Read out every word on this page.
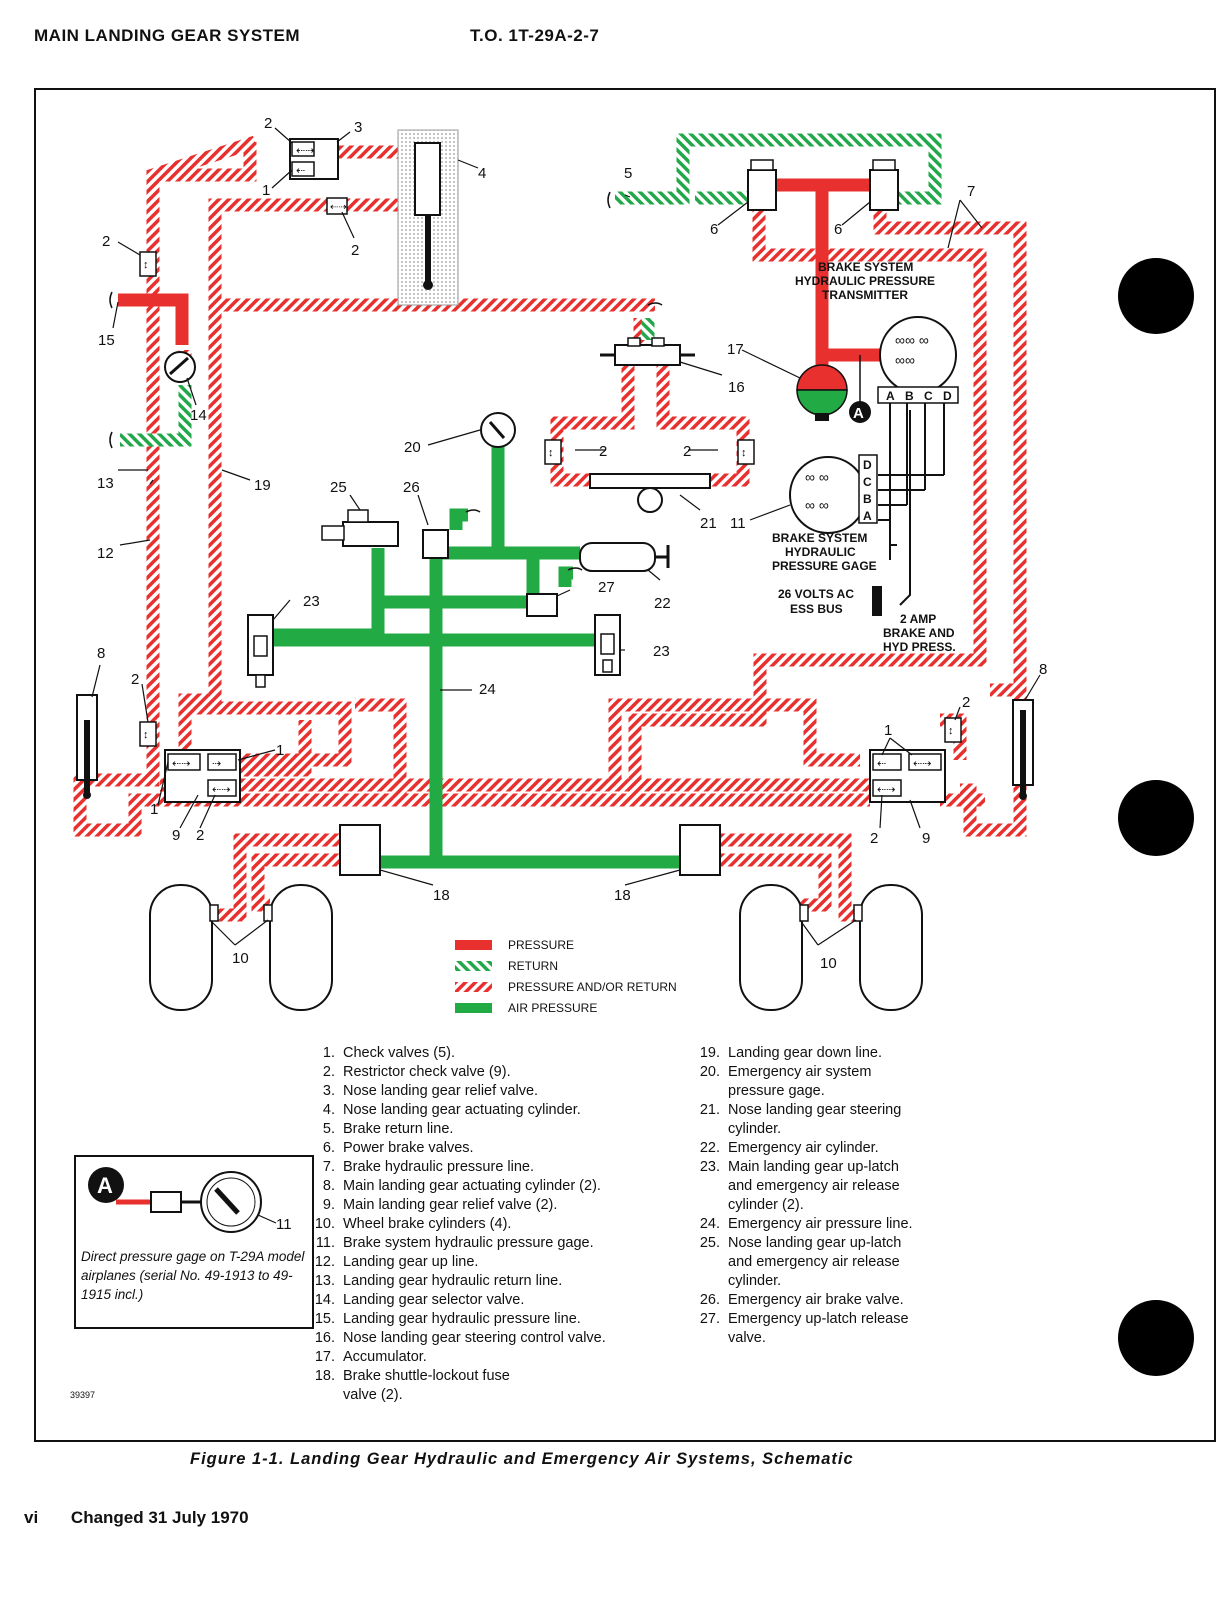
MAIN LANDING GEAR SYSTEM	T.O. 1T-29A-2-7
⇠⇢
⇠
⇠⇢
↕
↕	↕
A
∞∞ ∞
∞∞
A B C D
BRAKE SYSTEM
HYDRAULIC PRESSURE
TRANSMITTER
∞ ∞
∞ ∞
D
C
B
A
BRAKE SYSTEM
HYDRAULIC
PRESSURE GAGE
26 VOLTS AC
ESS BUS
2 AMP
BRAKE AND
HYD PRESS.
⇠⇢ ⇢
⇠⇢
↕
⇠ ⇠⇢
⇠⇢
↕
2	3
1
4
2
2
15
14
13
12
19
5
6	6
7
17
16
20	2	2
21 11
25	26
27
22
23
23
24
8
8
2
2
1
1
1
9 2	2	9
18	18
10	10
PRESSURE
RETURN
PRESSURE AND/OR RETURN
AIR PRESSURE
1. Check valves (5).
2. Restrictor check valve (9).
3. Nose landing gear relief valve.
4. Nose landing gear actuating cylinder.
5. Brake return line.
6. Power brake valves.
7. Brake hydraulic pressure line.
8. Main landing gear actuating cylinder (2).
9. Main landing gear relief valve (2).
10. Wheel brake cylinders (4).
11. Brake system hydraulic pressure gage.
12. Landing gear up line.
13. Landing gear hydraulic return line.
14. Landing gear selector valve.
15. Landing gear hydraulic pressure line.
16. Nose landing gear steering control valve.
17. Accumulator.
18. Brake shuttle-lockout fuse
valve (2).
19. Landing gear down line.
20. Emergency air system
pressure gage.
21. Nose landing gear steering
cylinder.
22. Emergency air cylinder.
23. Main landing gear up-latch
and emergency air release
cylinder (2).
24. Emergency air pressure line.
25. Nose landing gear up-latch
and emergency air release
cylinder.
26. Emergency air brake valve.
27. Emergency up-latch release
valve.
A
11
Direct pressure gage on T-29A model airplanes (serial No. 49-1913 to 49-1915 incl.)
39397
Figure 1-1. Landing Gear Hydraulic and Emergency Air Systems, Schematic
vi Changed 31 July 1970
